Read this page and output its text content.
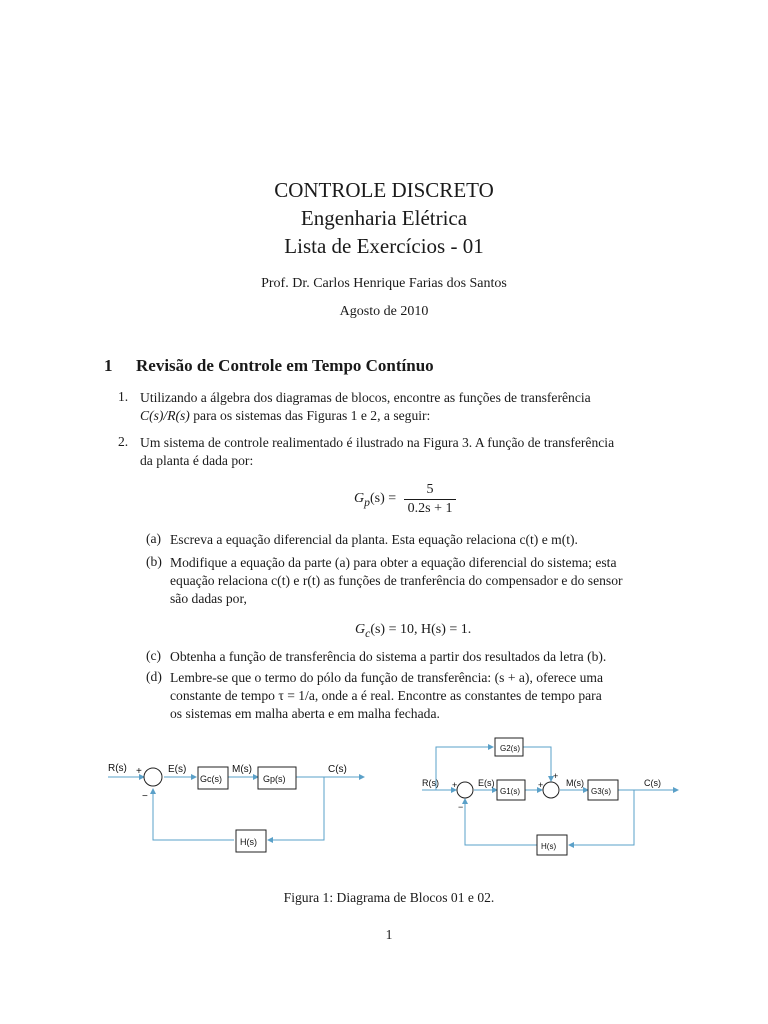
CONTROLE DISCRETO
Engenharia Elétrica
Lista de Exercícios - 01
Prof. Dr. Carlos Henrique Farias dos Santos
Agosto de 2010
1 Revisão de Controle em Tempo Contínuo
1. Utilizando a álgebra dos diagramas de blocos, encontre as funções de transferência
C(s)/R(s) para os sistemas das Figuras 1 e 2, a seguir:
2. Um sistema de controle realimentado é ilustrado na Figura 3. A função de transferência
da planta é dada por:
$G_p(s) = \frac{5}{0.2s + 1}$
(a) Escreva a equação diferencial da planta. Esta equação relaciona c(t) e m(t).
(b) Modifique a equação da parte (a) para obter a equação diferencial do sistema; esta
equação relaciona c(t) e r(t) as funções de tranferência do compensador e do sensor
são dadas por,
$G_c(s) = 10$, H(s) = 1.
(c) Obtenha a função de transferência do sistema a partir dos resultados da letra (b).
(d) Lembre-se que o termo do pólo da função de transferência: (s + a), oferece uma
constante de tempo τ = 1/a, onde a é real. Encontre as constantes de tempo para
os sistemas em malha aberta e em malha fechada.
R(s) +
−
E(s)
Gc(s)
M(s)
Gp(s)
C(s)
H(s)
R(s) +
−
E(s)
G2(s)
G1(s)
+
+
M(s)
G3(s)
C(s)
H(s)
Figura 1: Diagrama de Blocos 01 e 02.
1
